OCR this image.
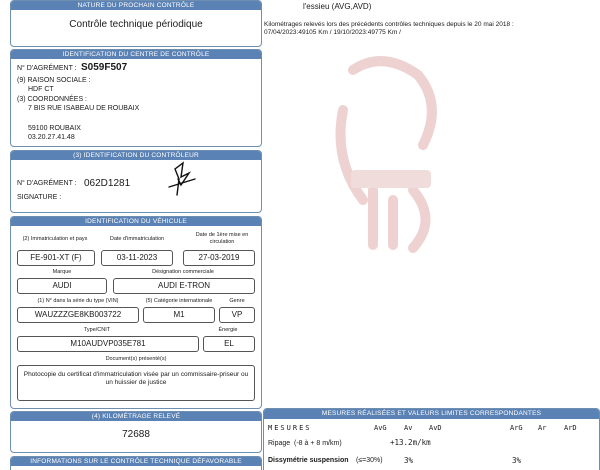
NATURE DU PROCHAIN CONTRÔLE
Contrôle technique périodique
IDENTIFICATION DU CENTRE DE CONTRÔLE
N° D'AGRÉMENT : S059F507
(9) RAISON SOCIALE :
HDF CT
(3) COORDONNÉES :
7 BIS RUE ISABEAU DE ROUBAIX
59100 ROUBAIX
03.20.27.41.48
(3) IDENTIFICATION DU CONTRÔLEUR
N° D'AGRÉMENT : 062D1281
SIGNATURE :
IDENTIFICATION DU VÉHICULE
(2) Immatriculation et pays	Date d'immatriculation
Date de 1ère mise en circulation
FE-901-XT (F)	03-11-2023	27-03-2019
Marque	Désignation commerciale
AUDI	AUDI E-TRON
(1) N° dans la série du type (VIN)	(5) Catégorie internationale	Genre
WAUZZZGE8KB003722	M1	VP
Type/CNIT	Énergie
M10AUDVP035E781	EL
Document(s) présenté(s)
Photocopie du certificat d'immatriculation visée par un commissaire-priseur ou un huissier de justice
(4) KILOMÉTRAGE RELEVÉ
72688
INFORMATIONS SUR LE CONTRÔLE TECHNIQUE DÉFAVORABLE
l'essieu (AVG,AVD)
Kilométrages relevés lors des précédents contrôles techniques depuis le 20 mai 2018 :
07/04/2023:49105 Km / 19/10/2023:49775 Km /
MESURES RÉALISÉES ET VALEURS LIMITES CORRESPONDANTES
MESURES	AvG Av AvD	ArG Ar	ArD
Ripage (-8 à + 8 m/km)	+13.2m/km
Dissymétrie suspension (≤=30%)	3%	3%
